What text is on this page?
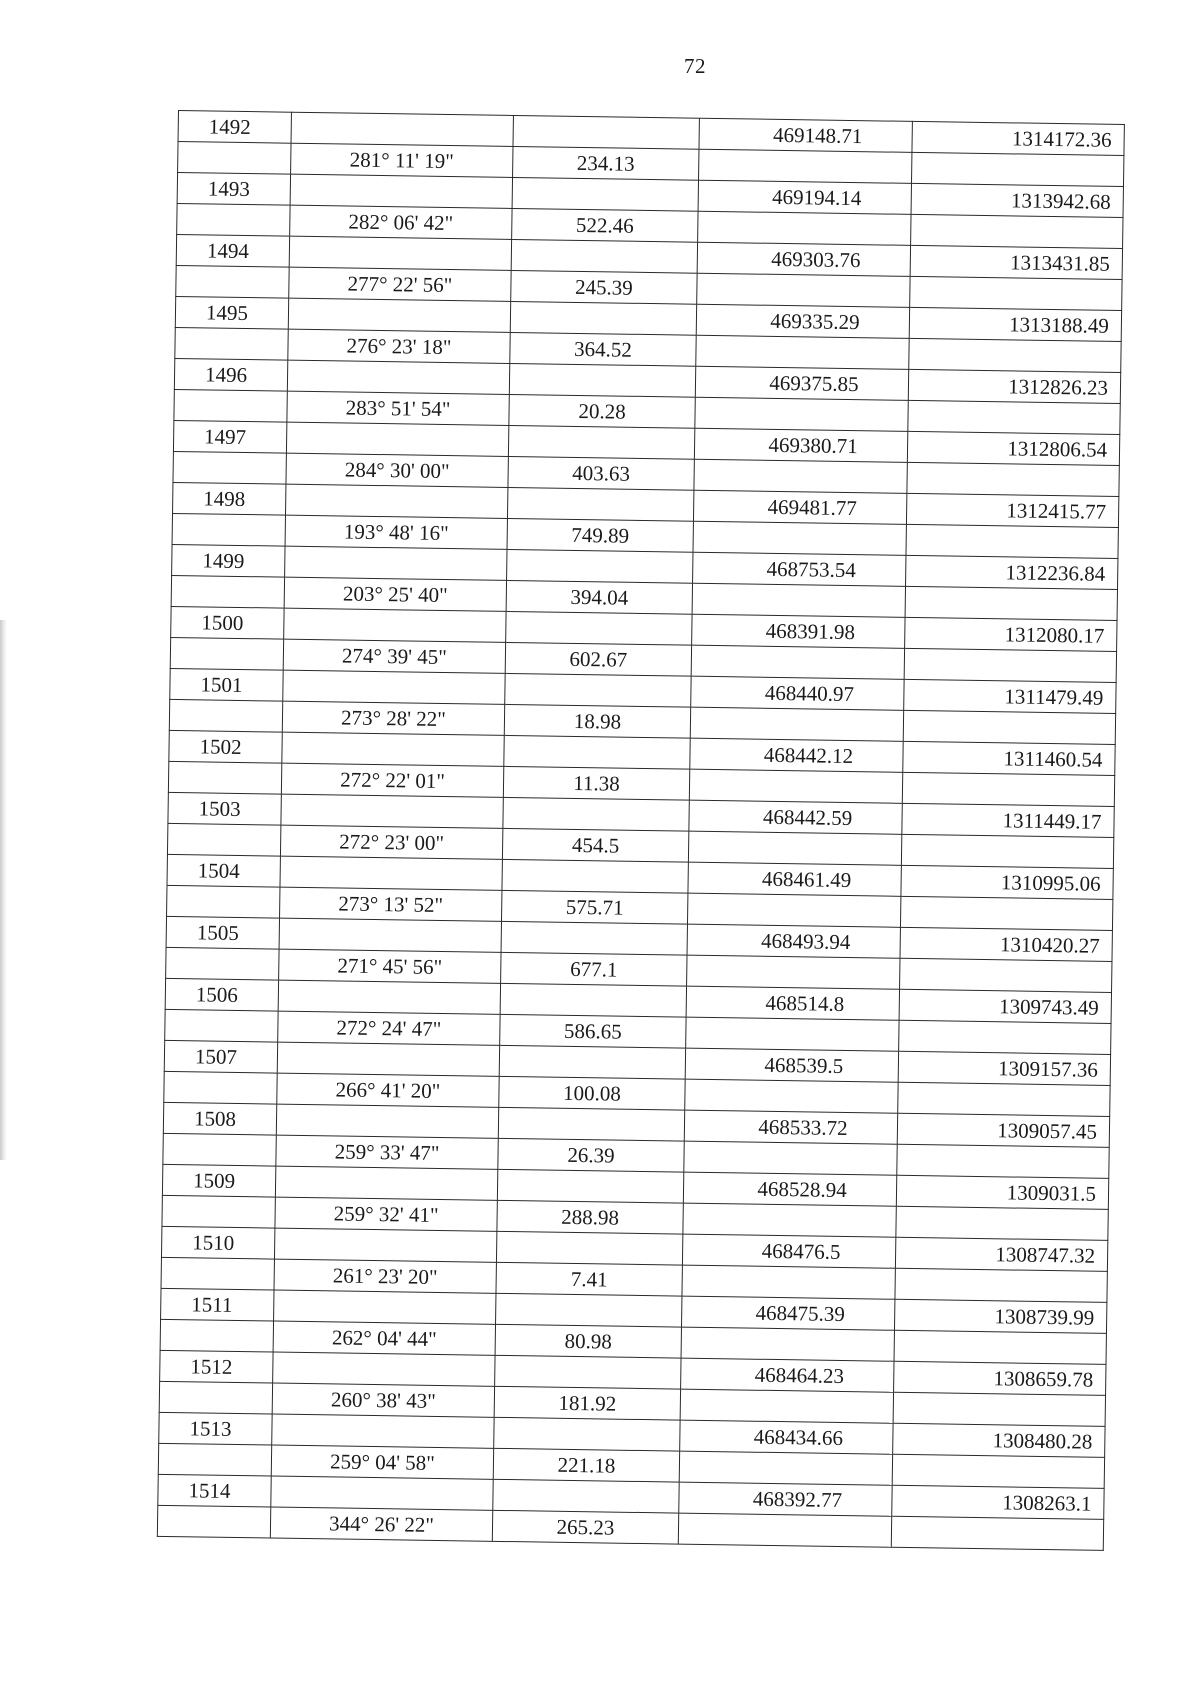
72
1492			469148.71	1314172.36
	281° 11' 19"	234.13		
1493			469194.14	1313942.68
	282° 06' 42"	522.46		
1494			469303.76	1313431.85
	277° 22' 56"	245.39		
1495			469335.29	1313188.49
	276° 23' 18"	364.52		
1496			469375.85	1312826.23
	283° 51' 54"	20.28		
1497			469380.71	1312806.54
	284° 30' 00"	403.63		
1498			469481.77	1312415.77
	193° 48' 16"	749.89		
1499			468753.54	1312236.84
	203° 25' 40"	394.04		
1500			468391.98	1312080.17
	274° 39' 45"	602.67		
1501			468440.97	1311479.49
	273° 28' 22"	18.98		
1502			468442.12	1311460.54
	272° 22' 01"	11.38		
1503			468442.59	1311449.17
	272° 23' 00"	454.5		
1504			468461.49	1310995.06
	273° 13' 52"	575.71		
1505			468493.94	1310420.27
	271° 45' 56"	677.1		
1506			468514.8	1309743.49
	272° 24' 47"	586.65		
1507			468539.5	1309157.36
	266° 41' 20"	100.08		
1508			468533.72	1309057.45
	259° 33' 47"	26.39		
1509			468528.94	1309031.5
	259° 32' 41"	288.98		
1510			468476.5	1308747.32
	261° 23' 20"	7.41		
1511			468475.39	1308739.99
	262° 04' 44"	80.98		
1512			468464.23	1308659.78
	260° 38' 43"	181.92		
1513			468434.66	1308480.28
	259° 04' 58"	221.18		
1514			468392.77	1308263.1
	344° 26' 22"	265.23		
